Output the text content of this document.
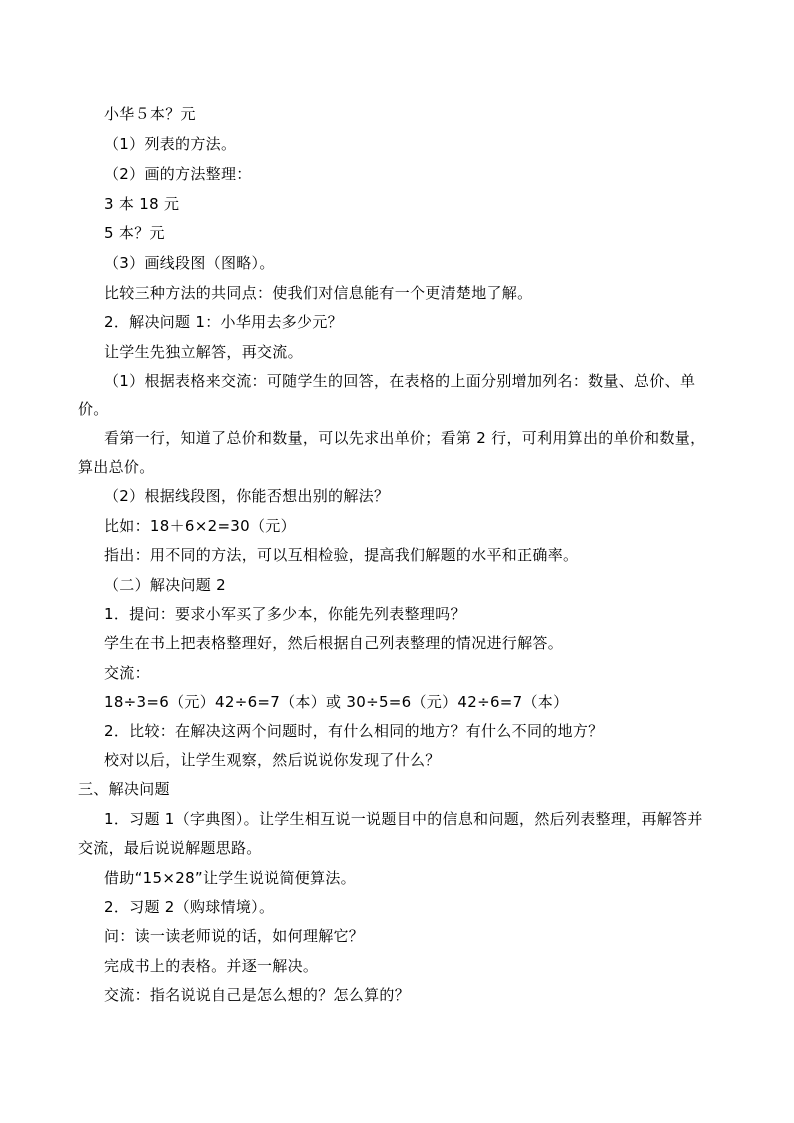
小华５本？元
（1）列表的方法。
（2）画的方法整理：
3 本 18 元
5 本？元
（3）画线段图（图略）。
比较三种方法的共同点：使我们对信息能有一个更清楚地了解。
2．解决问题 1：小华用去多少元？
让学生先独立解答，再交流。
（1）根据表格来交流：可随学生的回答，在表格的上面分别增加列名：数量、总价、单
价。
看第一行，知道了总价和数量，可以先求出单价；看第 2 行，可利用算出的单价和数量，
算出总价。
（2）根据线段图，你能否想出别的解法？
比如：18＋6×2=30（元）
指出：用不同的方法，可以互相检验，提高我们解题的水平和正确率。
（二）解决问题 2
1．提问：要求小军买了多少本，你能先列表整理吗？
学生在书上把表格整理好，然后根据自己列表整理的情况进行解答。
交流：
18÷3=6（元）42÷6=7（本）或 30÷5=6（元）42÷6=7（本）
2．比较：在解决这两个问题时，有什么相同的地方？有什么不同的地方？
校对以后，让学生观察，然后说说你发现了什么？
三、解决问题
1．习题 1（字典图）。让学生相互说一说题目中的信息和问题，然后列表整理，再解答并
交流，最后说说解题思路。
借助“15×28”让学生说说简便算法。
2．习题 2（购球情境）。
问：读一读老师说的话，如何理解它？
完成书上的表格。并逐一解决。
交流：指名说说自己是怎么想的？怎么算的？
